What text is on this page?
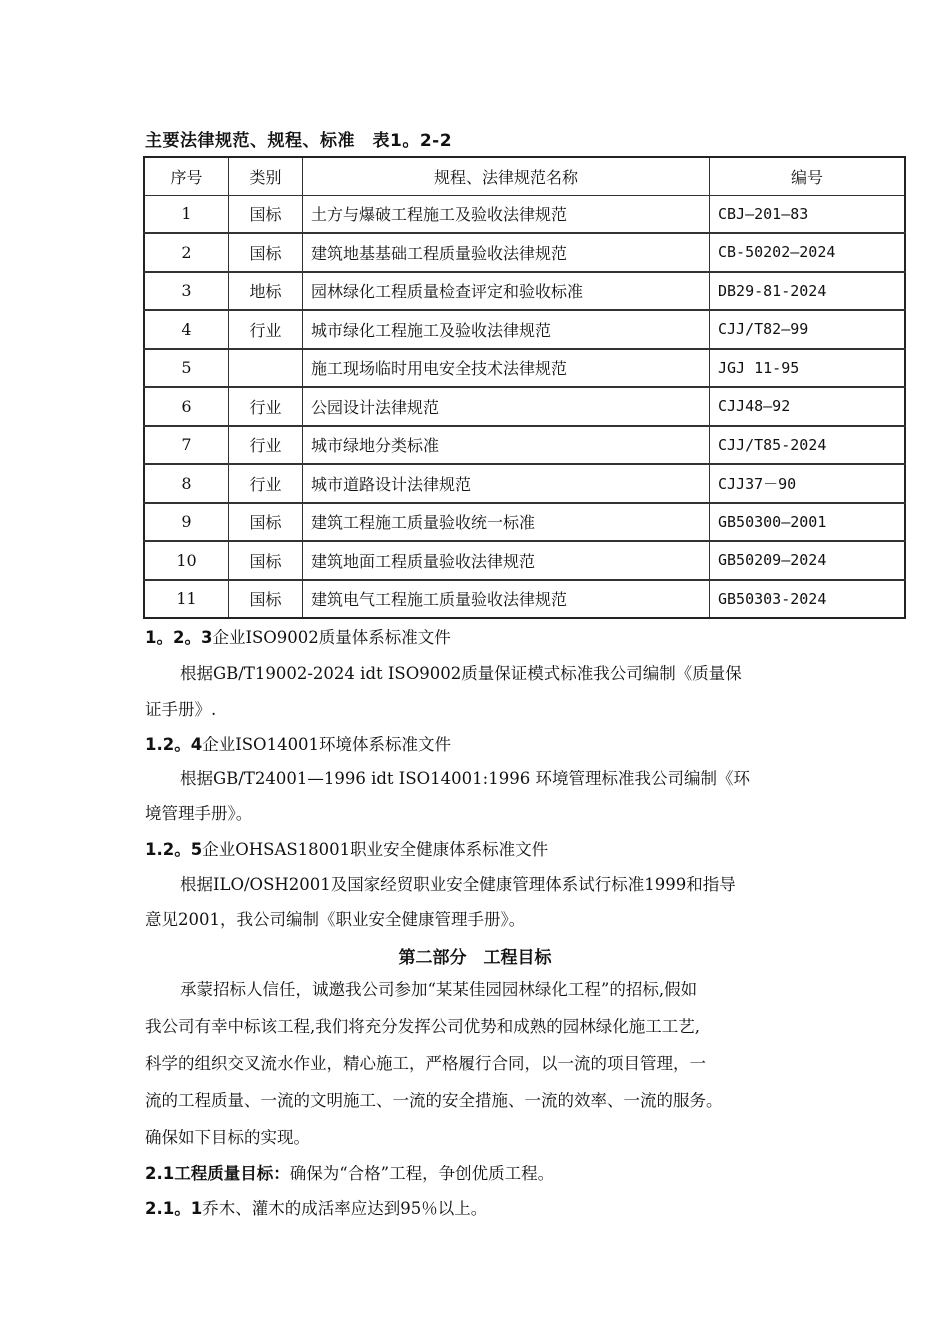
主要法律规范、规程、标准　表1。2-2
序号	类别	规程、法律规范名称	编号
1	国标	土方与爆破工程施工及验收法律规范	CBJ—201—83
2	国标	建筑地基基础工程质量验收法律规范	CB-50202—2024
3	地标	园林绿化工程质量检查评定和验收标准	DB29-81-2024
4	行业	城市绿化工程施工及验收法律规范	CJJ/T82—99
5		施工现场临时用电安全技术法律规范	JGJ 11-95
6	行业	公园设计法律规范	CJJ48—92
7	行业	城市绿地分类标准	CJJ/T85-2024
8	行业	城市道路设计法律规范	CJJ37－90
9	国标	建筑工程施工质量验收统一标准	GB50300—2001
10	国标	建筑地面工程质量验收法律规范	GB50209—2024
11	国标	建筑电气工程施工质量验收法律规范	GB50303-2024
1。2。3企业ISO9002质量体系标准文件
根据GB/T19002-2024 idt ISO9002质量保证模式标准我公司编制《质量保
证手册》.
1.2。4企业ISO14001环境体系标准文件
根据GB/T24001—1996 idt ISO14001:1996 环境管理标准我公司编制《环
境管理手册》。
1.2。5企业OHSAS18001职业安全健康体系标准文件
根据ILO/OSH2001及国家经贸职业安全健康管理体系试行标准1999和指导
意见2001，我公司编制《职业安全健康管理手册》。
第二部分　工程目标
承蒙招标人信任，诚邀我公司参加“某某佳园园林绿化工程”的招标,假如
我公司有幸中标该工程,我们将充分发挥公司优势和成熟的园林绿化施工工艺,
科学的组织交叉流水作业，精心施工，严格履行合同，以一流的项目管理，一
流的工程质量、一流的文明施工、一流的安全措施、一流的效率、一流的服务。
确保如下目标的实现。
2.1工程质量目标：确保为“合格”工程，争创优质工程。
2.1。1乔木、灌木的成活率应达到95％以上。
